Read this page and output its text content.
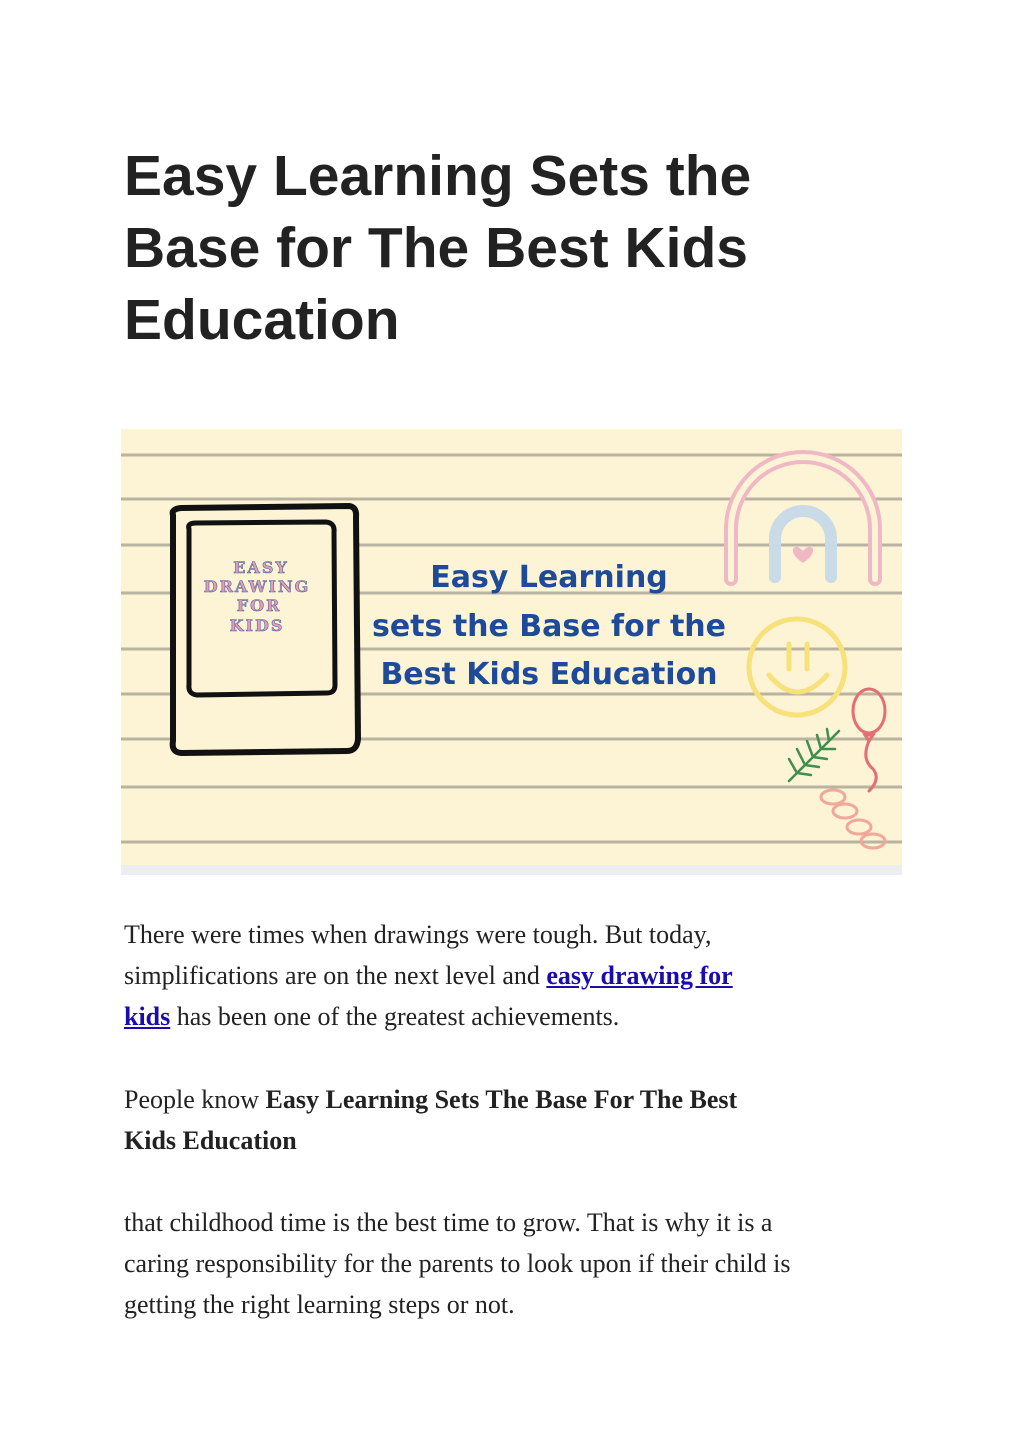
Easy Learning Sets the
Base for The Best Kids
Education
EASY
DRAWING
FOR
KIDS
Easy Learning
sets the Base for the
Best Kids Education

There were times when drawings were tough. But today,
simplifications are on the next level and easy drawing for
kids has been one of the greatest achievements.

People know Easy Learning Sets The Base For The Best
Kids Education

that childhood time is the best time to grow. That is why it is a
caring responsibility for the parents to look upon if their child is
getting the right learning steps or not.
